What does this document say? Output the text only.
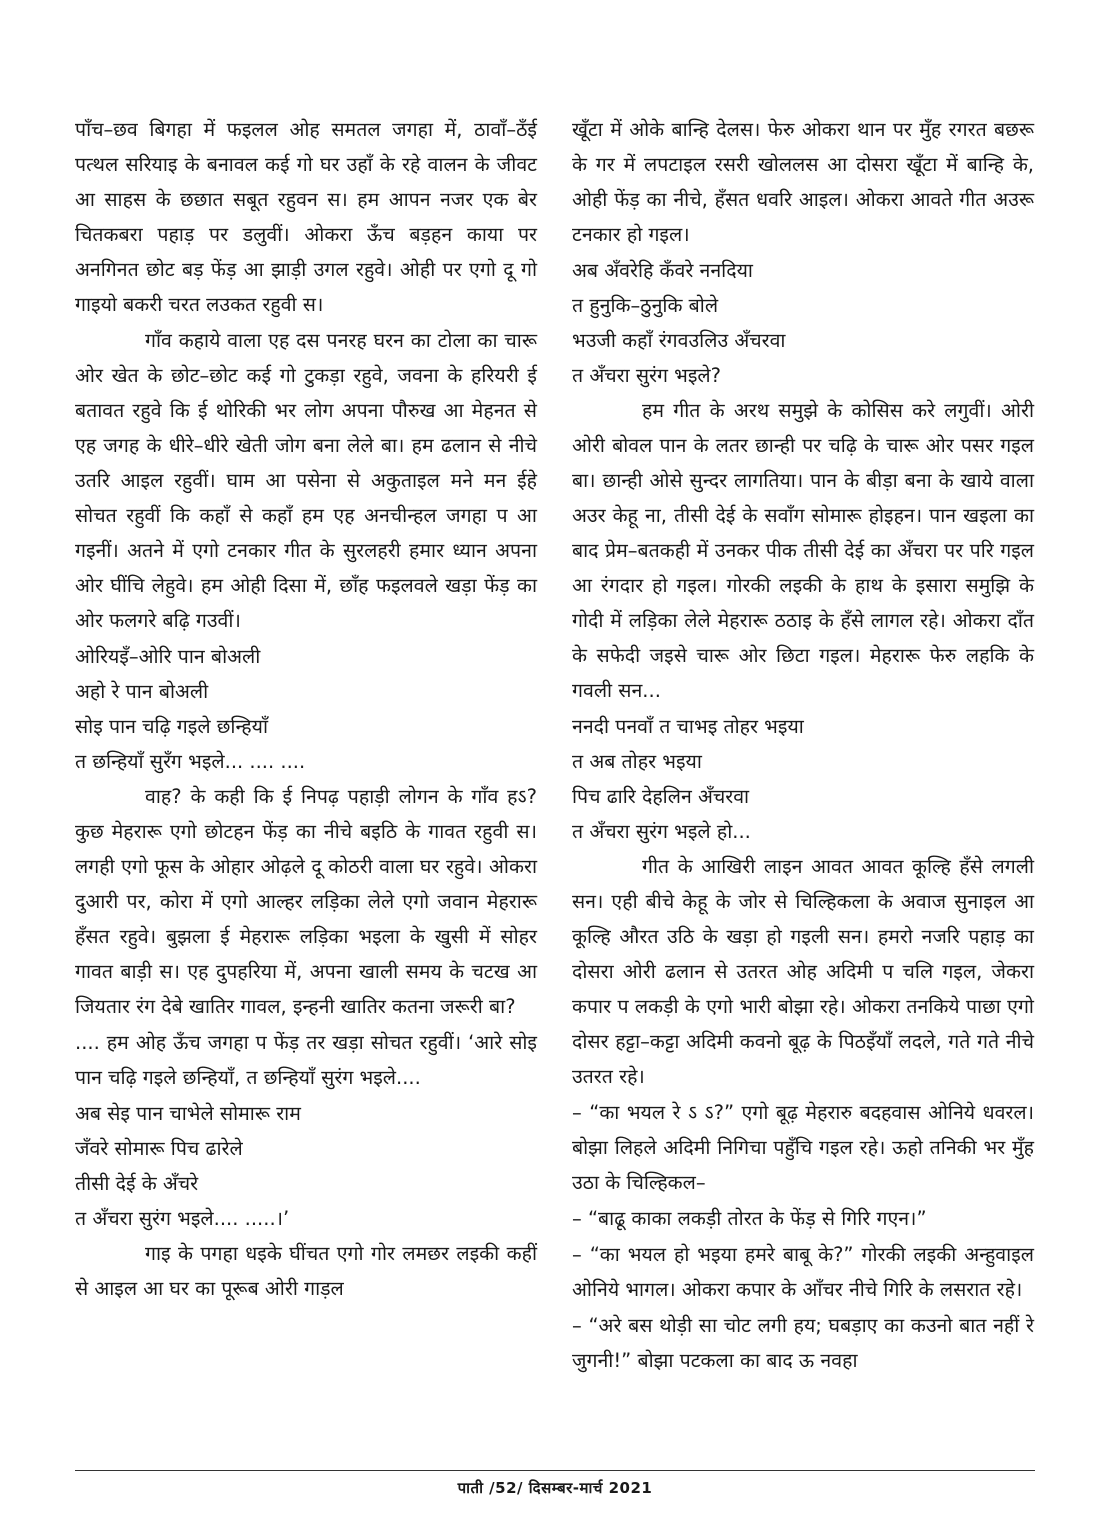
पाँच–छव बिगहा में फइलल ओह समतल जगहा में, ठावाँ–ठँई पत्थल सरियाइ के बनावल कई गो घर उहाँ के रहे वालन के जीवट आ साहस के छछात सबूत रहुवन स। हम आपन नजर एक बेर चितकबरा पहाड़ पर डलुवीं। ओकरा ऊँच बड़हन काया पर अनगिनत छोट बड़ फेंड़ आ झाड़ी उगल रहुवे। ओही पर एगो दू गो गाइयो बकरी चरत लउकत रहुवी स।
गाँव कहाये वाला एह दस पनरह घरन का टोला का चारू ओर खेत के छोट–छोट कई गो टुकड़ा रहुवे, जवना के हरियरी ई बतावत रहुवे कि ई थोरिकी भर लोग अपना पौरुख आ मेहनत से एह जगह के धीरे–धीरे खेती जोग बना लेले बा। हम ढलान से नीचे उतरि आइल रहुवीं। घाम आ पसेना से अकुताइल मने मन ईहे सोचत रहुवीं कि कहाँ से कहाँ हम एह अनचीन्हल जगहा प आ गइनीं। अतने में एगो टनकार गीत के सुरलहरी हमार ध्यान अपना ओर घींचि लेहुवे। हम ओही दिसा में, छाँह फइलवले खड़ा फेंड़ का ओर फलगरे बढ़ि गउवीं।
ओरियइँ–ओरि पान बोअली
अहो रे पान बोअली
सोइ पान चढ़ि गइले छन्हियाँ
त छन्हियाँ सुरँग भइले... .... ....
वाह? के कही कि ई निपढ़ पहाड़ी लोगन के गाँव हऽ? कुछ मेहरारू एगो छोटहन फेंड़ का नीचे बइठि के गावत रहुवी स। लगही एगो फूस के ओहार ओढ़ले दू कोठरी वाला घर रहुवे। ओकरा दुआरी पर, कोरा में एगो आल्हर लड़िका लेले एगो जवान मेहरारू हँसत रहुवे। बुझला ई मेहरारू लड़िका भइला के खुसी में सोहर गावत बाड़ी स। एह दुपहरिया में, अपना खाली समय के चटख आ जियतार रंग देबे खातिर गावल, इन्हनी खातिर कतना जरूरी बा?
.... हम ओह ऊँच जगहा प फेंड़ तर खड़ा सोचत रहुवीं। ‘आरे सोइ पान चढ़ि गइले छन्हियाँ, त छन्हियाँ सुरंग भइले....
अब सेइ पान चाभेले सोमारू राम
जँवरे सोमारू पिच ढारेले
तीसी देई के अँचरे
त अँचरा सुरंग भइले.... .....।’
गाइ के पगहा धइके घींचत एगो गोर लमछर लइकी कहीं से आइल आ घर का पूरूब ओरी गाड़ल
खूँटा में ओके बान्हि देलस। फेरु ओकरा थान पर मुँह रगरत बछरू के गर में लपटाइल रसरी खोललस आ दोसरा खूँटा में बान्हि के, ओही फेंड़ का नीचे, हँसत धवरि आइल। ओकरा आवते गीत अउरू टनकार हो गइल।
अब अँवरेहि कँवरे ननदिया
त हुनुकि–ठुनुकि बोले
भउजी कहाँ रंगवउलिउ अँचरवा
त अँचरा सुरंग भइले?
हम गीत के अरथ समुझे के कोसिस करे लगुवीं। ओरी ओरी बोवल पान के लतर छान्ही पर चढ़ि के चारू ओर पसर गइल बा। छान्ही ओसे सुन्दर लागतिया। पान के बीड़ा बना के खाये वाला अउर केहू ना, तीसी देई के सवाँग सोमारू होइहन। पान खइला का बाद प्रेम–बतकही में उनकर पीक तीसी देई का अँचरा पर परि गइल आ रंगदार हो गइल। गोरकी लइकी के हाथ के इसारा समुझि के गोदी में लड़िका लेले मेहरारू ठठाइ के हँसे लागल रहे। ओकरा दाँत के सफेदी जइसे चारू ओर छिटा गइल। मेहरारू फेरु लहकि के गवली सन...
ननदी पनवाँ त चाभइ तोहर भइया
त अब तोहर भइया
पिच ढारि देहलिन अँचरवा
त अँचरा सुरंग भइले हो...
गीत के आखिरी लाइन आवत आवत कूल्हि हँसे लगली सन। एही बीचे केहू के जोर से चिल्हिकला के अवाज सुनाइल आ कूल्हि औरत उठि के खड़ा हो गइली सन। हमरो नजरि पहाड़ का दोसरा ओरी ढलान से उतरत ओह अदिमी प चलि गइल, जेकरा कपार प लकड़ी के एगो भारी बोझा रहे। ओकरा तनकिये पाछा एगो दोसर हट्टा–कट्टा अदिमी कवनो बूढ़ के पिठइँयाँ लदले, गते गते नीचे उतरत रहे।
– “का भयल रे ऽ ऽ?” एगो बूढ़ मेहरारु बदहवास ओनिये धवरल। बोझा लिहले अदिमी निगिचा पहुँचि गइल रहे। ऊहो तनिकी भर मुँह उठा के चिल्हिकल–
– “बाढू काका लकड़ी तोरत के फेंड़ से गिरि गएन।”
– “का भयल हो भइया हमरे बाबू के?” गोरकी लइकी अन्हुवाइल ओनिये भागल। ओकरा कपार के आँचर नीचे गिरि के लसरात रहे।
– “अरे बस थोड़ी सा चोट लगी हय; घबड़ाए का कउनो बात नहीं रे जुगनी!” बोझा पटकला का बाद ऊ नवहा
पाती /52/ दिसम्बर-मार्च 2021
